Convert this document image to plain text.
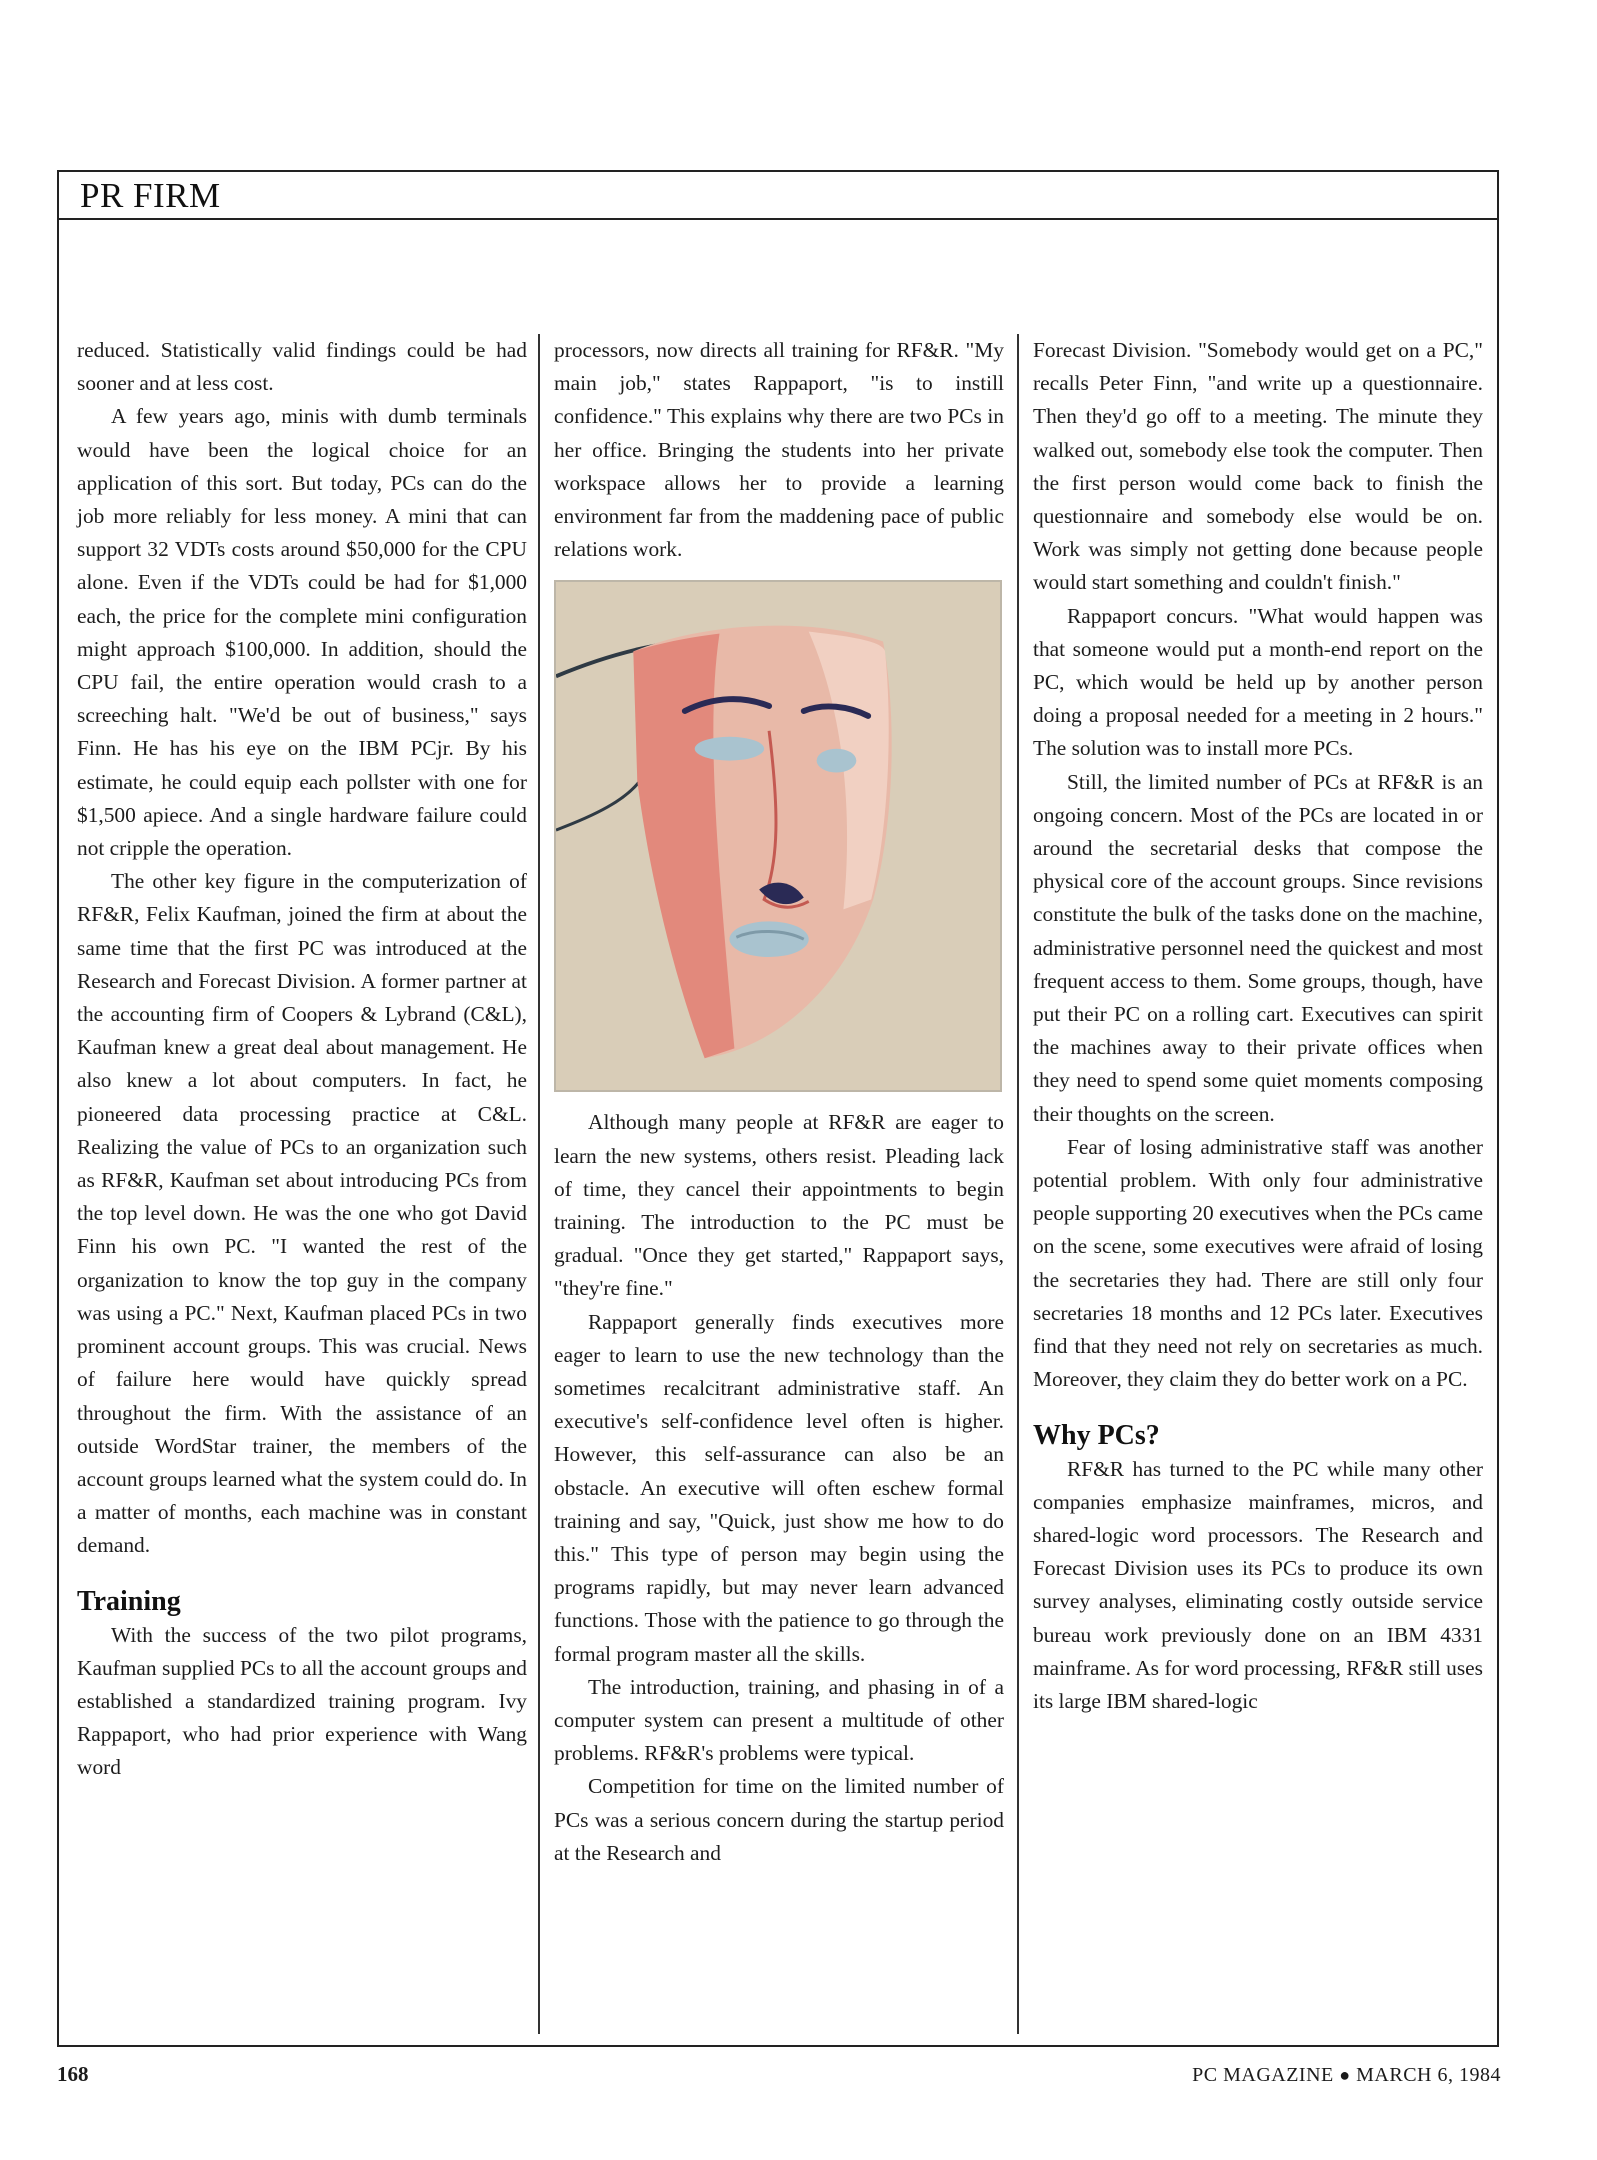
PR FIRM

reduced. Statistically valid findings could be had sooner and at less cost.

A few years ago, minis with dumb terminals would have been the logical choice for an application of this sort. But today, PCs can do the job more reliably for less money. A mini that can support 32 VDTs costs around $50,000 for the CPU alone. Even if the VDTs could be had for $1,000 each, the price for the complete mini configuration might approach $100,000. In addition, should the CPU fail, the entire operation would crash to a screeching halt. "We'd be out of business," says Finn. He has his eye on the IBM PCjr. By his estimate, he could equip each pollster with one for $1,500 apiece. And a single hardware failure could not cripple the operation.

The other key figure in the computerization of RF&R, Felix Kaufman, joined the firm at about the same time that the first PC was introduced at the Research and Forecast Division. A former partner at the accounting firm of Coopers & Lybrand (C&L), Kaufman knew a great deal about management. He also knew a lot about computers. In fact, he pioneered data processing practice at C&L. Realizing the value of PCs to an organization such as RF&R, Kaufman set about introducing PCs from the top level down. He was the one who got David Finn his own PC. "I wanted the rest of the organization to know the top guy in the company was using a PC." Next, Kaufman placed PCs in two prominent account groups. This was crucial. News of failure here would have quickly spread throughout the firm. With the assistance of an outside WordStar trainer, the members of the account groups learned what the system could do. In a matter of months, each machine was in constant demand.

Training

With the success of the two pilot programs, Kaufman supplied PCs to all the account groups and established a standardized training program. Ivy Rappaport, who had prior experience with Wang word

processors, now directs all training for RF&R. "My main job," states Rappaport, "is to instill confidence." This explains why there are two PCs in her office. Bringing the students into her private workspace allows her to provide a learning environment far from the maddening pace of public relations work.

Although many people at RF&R are eager to learn the new systems, others resist. Pleading lack of time, they cancel their appointments to begin training. The introduction to the PC must be gradual. "Once they get started," Rappaport says, "they're fine."

Rappaport generally finds executives more eager to learn to use the new technology than the sometimes recalcitrant administrative staff. An executive's self-confidence level often is higher. However, this self-assurance can also be an obstacle. An executive will often eschew formal training and say, "Quick, just show me how to do this." This type of person may begin using the programs rapidly, but may never learn advanced functions. Those with the patience to go through the formal program master all the skills.

The introduction, training, and phasing in of a computer system can present a multitude of other problems. RF&R's problems were typical.

Competition for time on the limited number of PCs was a serious concern during the startup period at the Research and

Forecast Division. "Somebody would get on a PC," recalls Peter Finn, "and write up a questionnaire. Then they'd go off to a meeting. The minute they walked out, somebody else took the computer. Then the first person would come back to finish the questionnaire and somebody else would be on. Work was simply not getting done because people would start something and couldn't finish."

Rappaport concurs. "What would happen was that someone would put a month-end report on the PC, which would be held up by another person doing a proposal needed for a meeting in 2 hours." The solution was to install more PCs.

Still, the limited number of PCs at RF&R is an ongoing concern. Most of the PCs are located in or around the secretarial desks that compose the physical core of the account groups. Since revisions constitute the bulk of the tasks done on the machine, administrative personnel need the quickest and most frequent access to them. Some groups, though, have put their PC on a rolling cart. Executives can spirit the machines away to their private offices when they need to spend some quiet moments composing their thoughts on the screen.

Fear of losing administrative staff was another potential problem. With only four administrative people supporting 20 executives when the PCs came on the scene, some executives were afraid of losing the secretaries they had. There are still only four secretaries 18 months and 12 PCs later. Executives find that they need not rely on secretaries as much. Moreover, they claim they do better work on a PC.

Why PCs?

RF&R has turned to the PC while many other companies emphasize mainframes, micros, and shared-logic word processors. The Research and Forecast Division uses its PCs to produce its own survey analyses, eliminating costly outside service bureau work previously done on an IBM 4331 mainframe. As for word processing, RF&R still uses its large IBM shared-logic

168	PC MAGAZINE ● MARCH 6, 1984
